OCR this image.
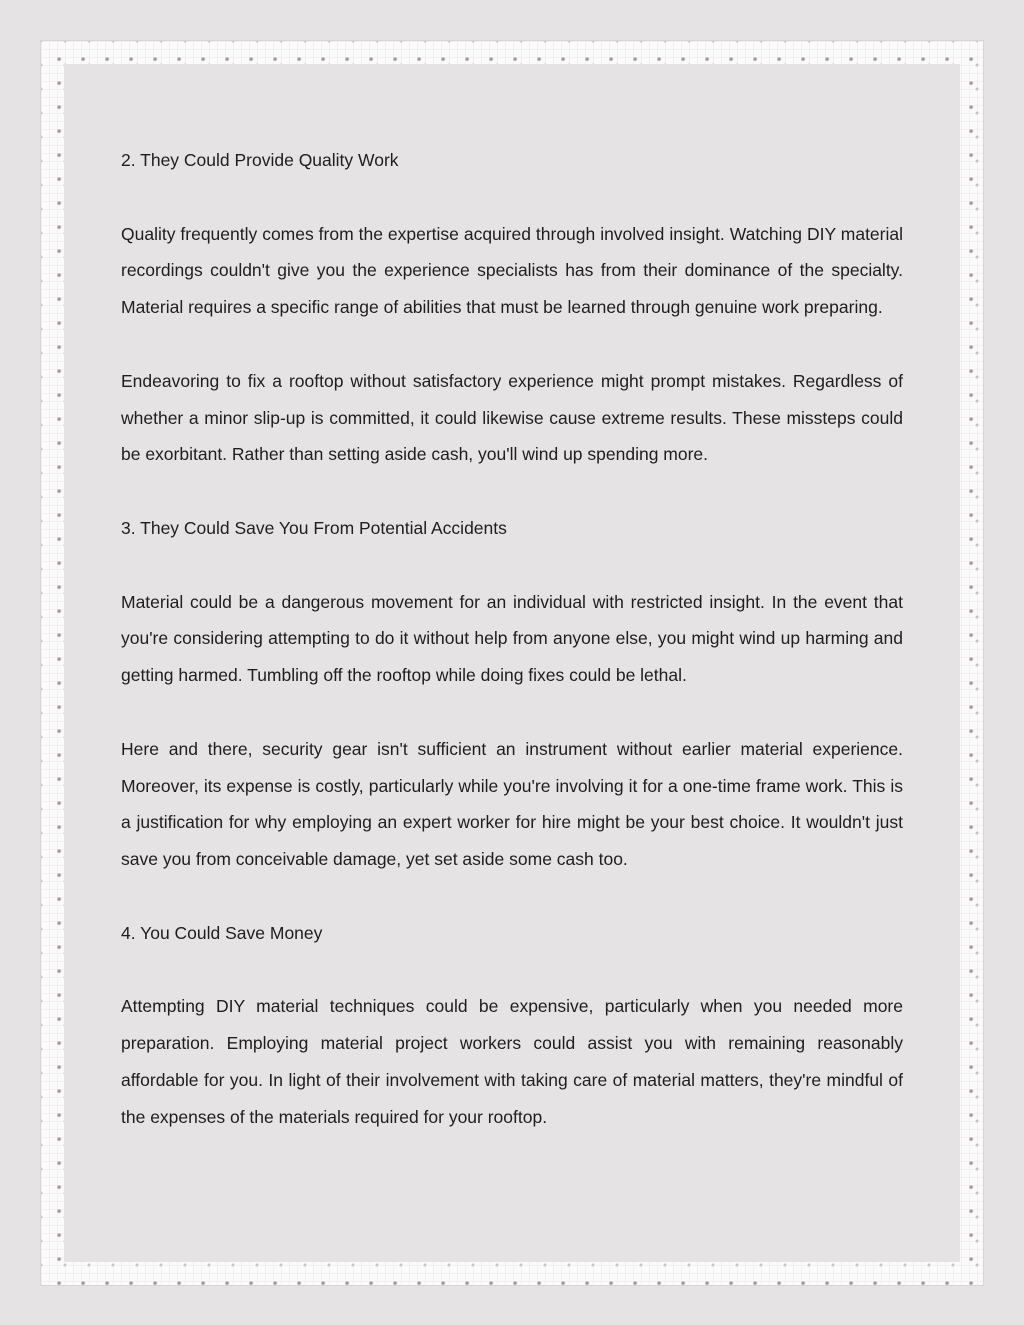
2. They Could Provide Quality Work

Quality frequently comes from the expertise acquired through involved insight. Watching DIY material recordings couldn't give you the experience specialists has from their dominance of the specialty. Material requires a specific range of abilities that must be learned through genuine work preparing.

Endeavoring to fix a rooftop without satisfactory experience might prompt mistakes. Regardless of whether a minor slip-up is committed, it could likewise cause extreme results. These missteps could be exorbitant. Rather than setting aside cash, you'll wind up spending more.

3. They Could Save You From Potential Accidents

Material could be a dangerous movement for an individual with restricted insight. In the event that you're considering attempting to do it without help from anyone else, you might wind up harming and getting harmed. Tumbling off the rooftop while doing fixes could be lethal.

Here and there, security gear isn't sufficient an instrument without earlier material experience. Moreover, its expense is costly, particularly while you're involving it for a one-time frame work. This is a justification for why employing an expert worker for hire might be your best choice. It wouldn't just save you from conceivable damage, yet set aside some cash too.

4. You Could Save Money

Attempting DIY material techniques could be expensive, particularly when you needed more preparation. Employing material project workers could assist you with remaining reasonably affordable for you. In light of their involvement with taking care of material matters, they're mindful of the expenses of the materials required for your rooftop.
